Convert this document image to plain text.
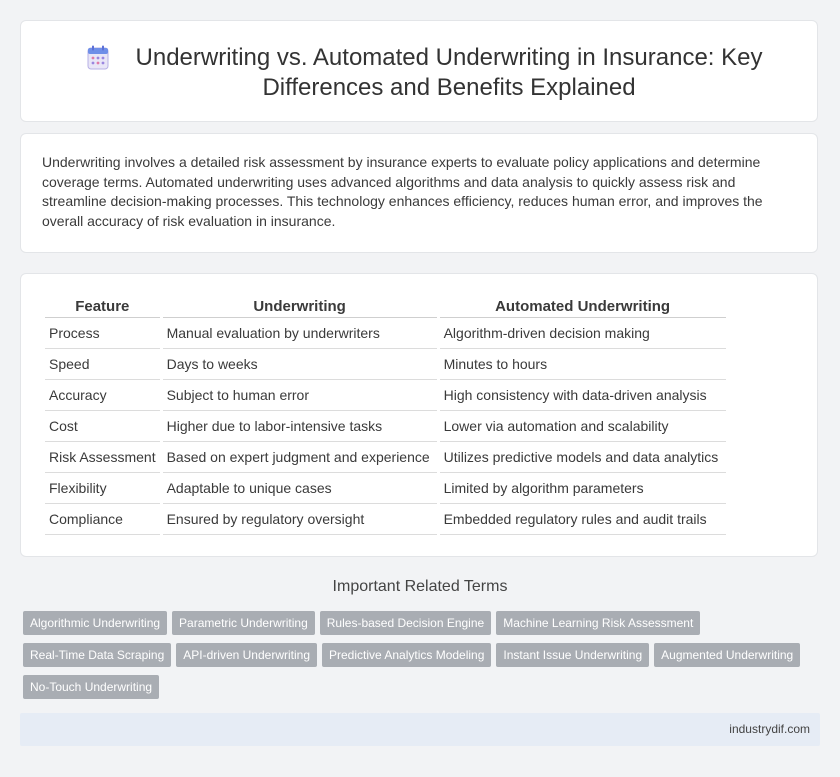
Underwriting vs. Automated Underwriting in Insurance: Key Differences and Benefits Explained

Underwriting involves a detailed risk assessment by insurance experts to evaluate policy applications and determine coverage terms. Automated underwriting uses advanced algorithms and data analysis to quickly assess risk and streamline decision-making processes. This technology enhances efficiency, reduces human error, and improves the overall accuracy of risk evaluation in insurance.

Feature	Underwriting	Automated Underwriting
Process	Manual evaluation by underwriters	Algorithm-driven decision making
Speed	Days to weeks	Minutes to hours
Accuracy	Subject to human error	High consistency with data-driven analysis
Cost	Higher due to labor-intensive tasks	Lower via automation and scalability
Risk Assessment	Based on expert judgment and experience	Utilizes predictive models and data analytics
Flexibility	Adaptable to unique cases	Limited by algorithm parameters
Compliance	Ensured by regulatory oversight	Embedded regulatory rules and audit trails
Important Related Terms
Algorithmic Underwriting Parametric Underwriting Rules-based Decision Engine Machine Learning Risk Assessment
Real-Time Data Scraping API-driven Underwriting Predictive Analytics Modeling Instant Issue Underwriting Augmented Underwriting
No-Touch Underwriting
industrydif.com
